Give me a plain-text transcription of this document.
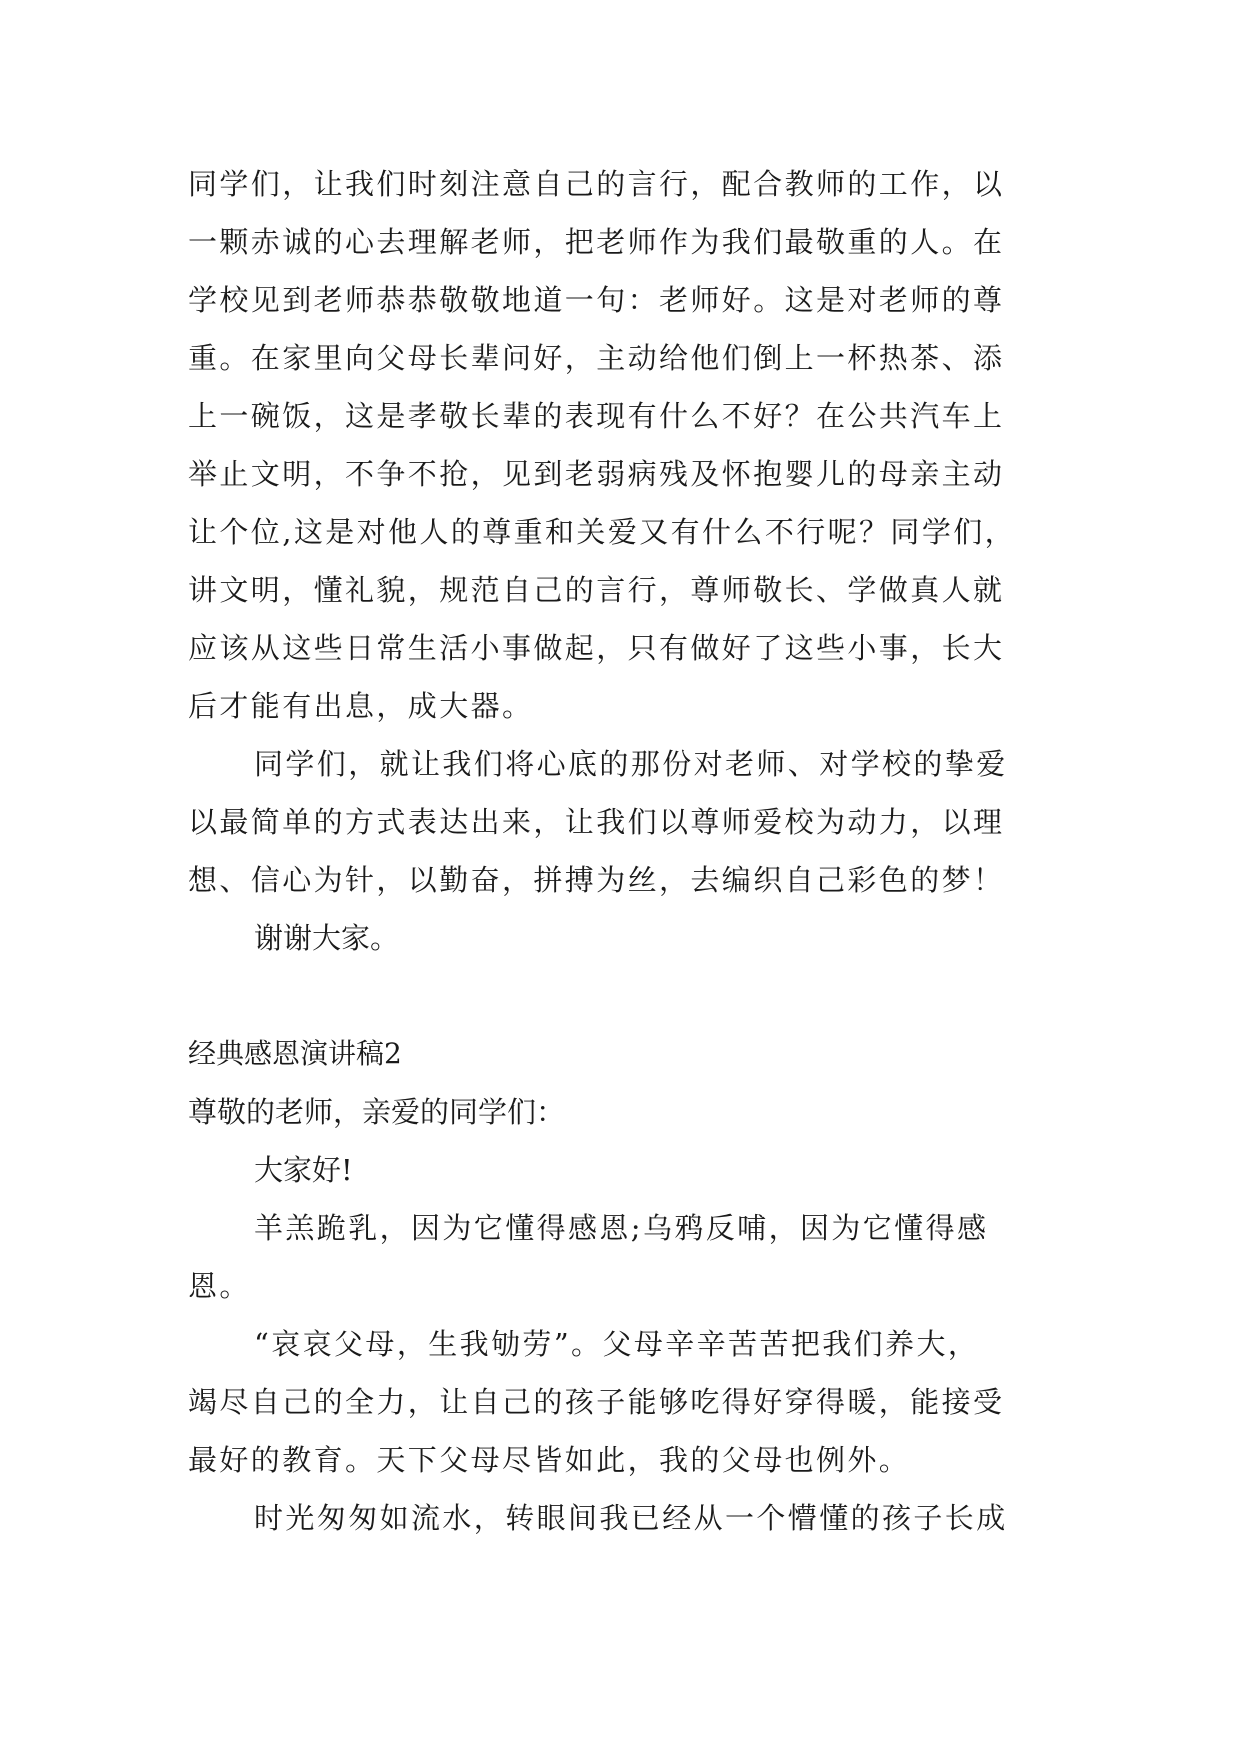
同学们，让我们时刻注意自己的言行，配合教师的工作，以
一颗赤诚的心去理解老师，把老师作为我们最敬重的人。在
学校见到老师恭恭敬敬地道一句：老师好。这是对老师的尊
重。在家里向父母长辈问好，主动给他们倒上一杯热茶、添
上一碗饭，这是孝敬长辈的表现有什么不好？在公共汽车上
举止文明，不争不抢，见到老弱病残及怀抱婴儿的母亲主动
让个位,这是对他人的尊重和关爱又有什么不行呢？同学们，
讲文明，懂礼貌，规范自己的言行，尊师敬长、学做真人就
应该从这些日常生活小事做起，只有做好了这些小事，长大
后才能有出息，成大器。
同学们，就让我们将心底的那份对老师、对学校的挚爱
以最简单的方式表达出来，让我们以尊师爱校为动力，以理
想、信心为针，以勤奋，拼搏为丝，去编织自己彩色的梦！
谢谢大家。
经典感恩演讲稿2
尊敬的老师，亲爱的同学们：
大家好!
羊羔跪乳，因为它懂得感恩;乌鸦反哺，因为它懂得感
恩。
“哀哀父母，生我劬劳”。父母辛辛苦苦把我们养大，
竭尽自己的全力，让自己的孩子能够吃得好穿得暖，能接受
最好的教育。天下父母尽皆如此，我的父母也例外。
时光匆匆如流水，转眼间我已经从一个懵懂的孩子长成
